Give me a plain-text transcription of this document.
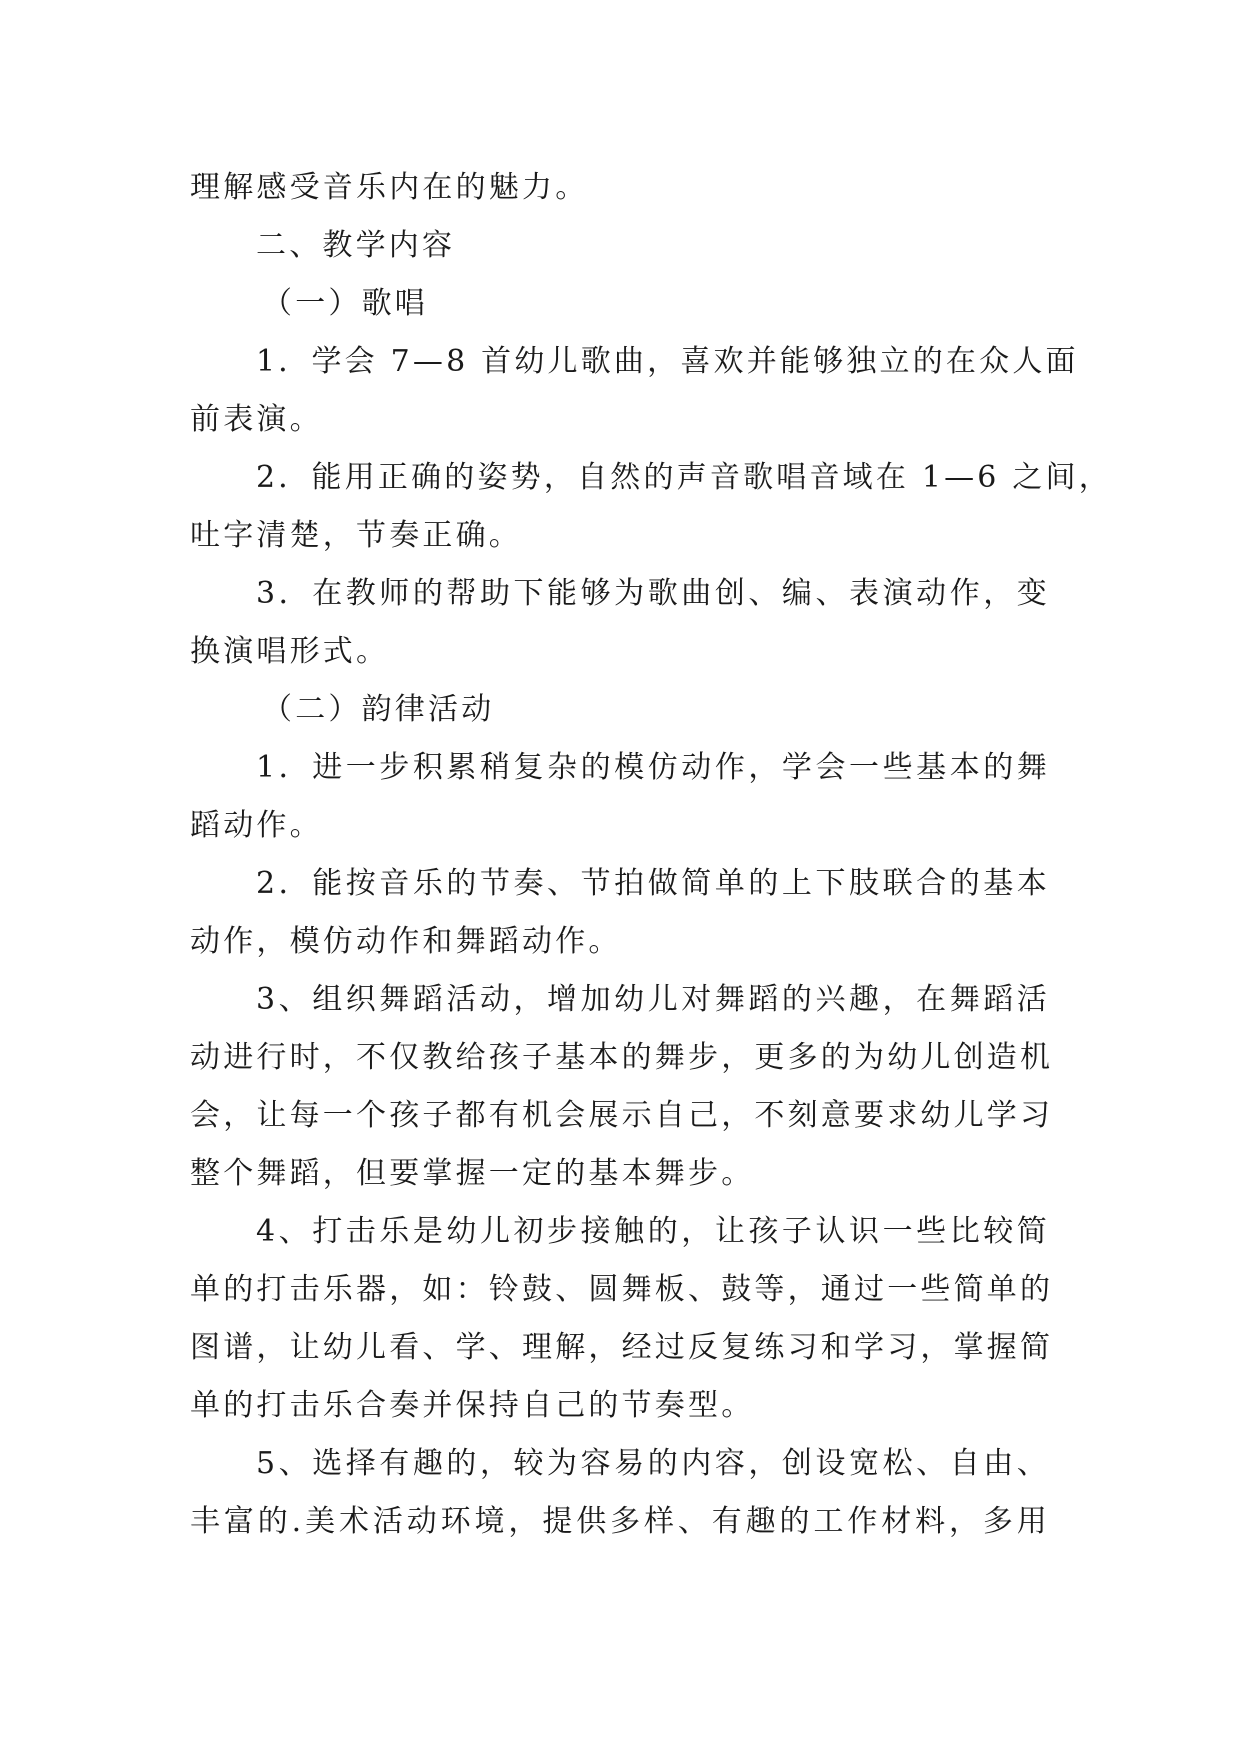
理解感受音乐内在的魅力。
二、教学内容
（一）歌唱
1．学会 7—8 首幼儿歌曲，喜欢并能够独立的在众人面
前表演。
2．能用正确的姿势，自然的声音歌唱音域在 1—6 之间，
吐字清楚，节奏正确。
3．在教师的帮助下能够为歌曲创、编、表演动作，变
换演唱形式。
（二）韵律活动
1．进一步积累稍复杂的模仿动作，学会一些基本的舞
蹈动作。
2．能按音乐的节奏、节拍做简单的上下肢联合的基本
动作，模仿动作和舞蹈动作。
3、组织舞蹈活动，增加幼儿对舞蹈的兴趣，在舞蹈活
动进行时，不仅教给孩子基本的舞步，更多的为幼儿创造机
会，让每一个孩子都有机会展示自己，不刻意要求幼儿学习
整个舞蹈，但要掌握一定的基本舞步。
4、打击乐是幼儿初步接触的，让孩子认识一些比较简
单的打击乐器，如：铃鼓、圆舞板、鼓等，通过一些简单的
图谱，让幼儿看、学、理解，经过反复练习和学习，掌握简
单的打击乐合奏并保持自己的节奏型。
5、选择有趣的，较为容易的内容，创设宽松、自由、
丰富的.美术活动环境，提供多样、有趣的工作材料，多用
